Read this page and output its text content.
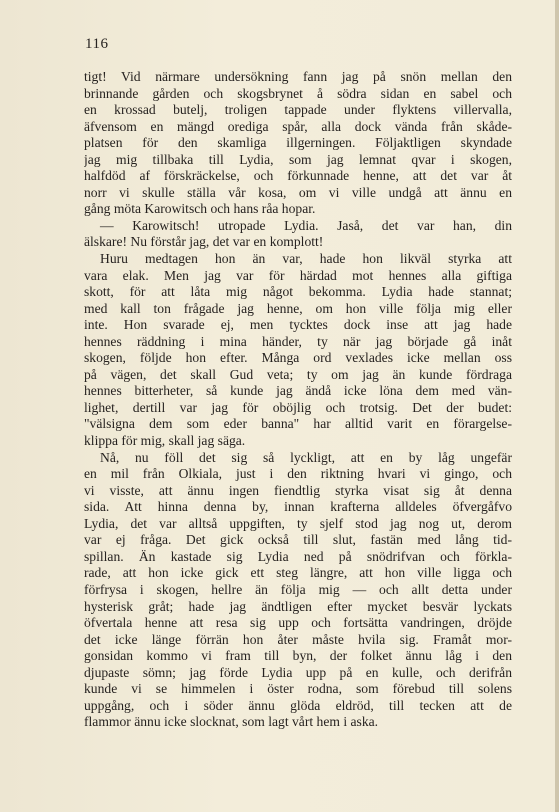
116
tigt! Vid närmare undersökning fann jag på snön mellan den
brinnande gården och skogsbrynet å södra sidan en sabel och
en krossad butelj, troligen tappade under flyktens villervalla,
äfvensom en mängd orediga spår, alla dock vända från skåde-
platsen för den skamliga illgerningen. Följaktligen skyndade
jag mig tillbaka till Lydia, som jag lemnat qvar i skogen,
halfdöd af förskräckelse, och förkunnade henne, att det var åt
norr vi skulle ställa vår kosa, om vi ville undgå att ännu en
gång möta Karowitsch och hans råa hopar.
— Karowitsch! utropade Lydia. Jaså, det var han, din
älskare! Nu förstår jag, det var en komplott!
Huru medtagen hon än var, hade hon likväl styrka att
vara elak. Men jag var för härdad mot hennes alla giftiga
skott, för att låta mig något bekomma. Lydia hade stannat;
med kall ton frågade jag henne, om hon ville följa mig eller
inte. Hon svarade ej, men tycktes dock inse att jag hade
hennes räddning i mina händer, ty när jag började gå inåt
skogen, följde hon efter. Många ord vexlades icke mellan oss
på vägen, det skall Gud veta; ty om jag än kunde fördraga
hennes bitterheter, så kunde jag ändå icke löna dem med vän-
lighet, dertill var jag för oböjlig och trotsig. Det der budet:
"välsigna dem som eder banna" har alltid varit en förargelse-
klippa för mig, skall jag säga.
Nå, nu föll det sig så lyckligt, att en by låg ungefär
en mil från Olkiala, just i den riktning hvari vi gingo, och
vi visste, att ännu ingen fiendtlig styrka visat sig åt denna
sida. Att hinna denna by, innan krafterna alldeles öfvergåfvo
Lydia, det var alltså uppgiften, ty sjelf stod jag nog ut, derom
var ej fråga. Det gick också till slut, fastän med lång tid-
spillan. Än kastade sig Lydia ned på snödrifvan och förkla-
rade, att hon icke gick ett steg längre, att hon ville ligga och
förfrysa i skogen, hellre än följa mig — och allt detta under
hysterisk gråt; hade jag ändtligen efter mycket besvär lyckats
öfvertala henne att resa sig upp och fortsätta vandringen, dröjde
det icke länge förrän hon åter måste hvila sig. Framåt mor-
gonsidan kommo vi fram till byn, der folket ännu låg i den
djupaste sömn; jag förde Lydia upp på en kulle, och derifrån
kunde vi se himmelen i öster rodna, som förebud till solens
uppgång, och i söder ännu glöda eldröd, till tecken att de
flammor ännu icke slocknat, som lagt vårt hem i aska.
